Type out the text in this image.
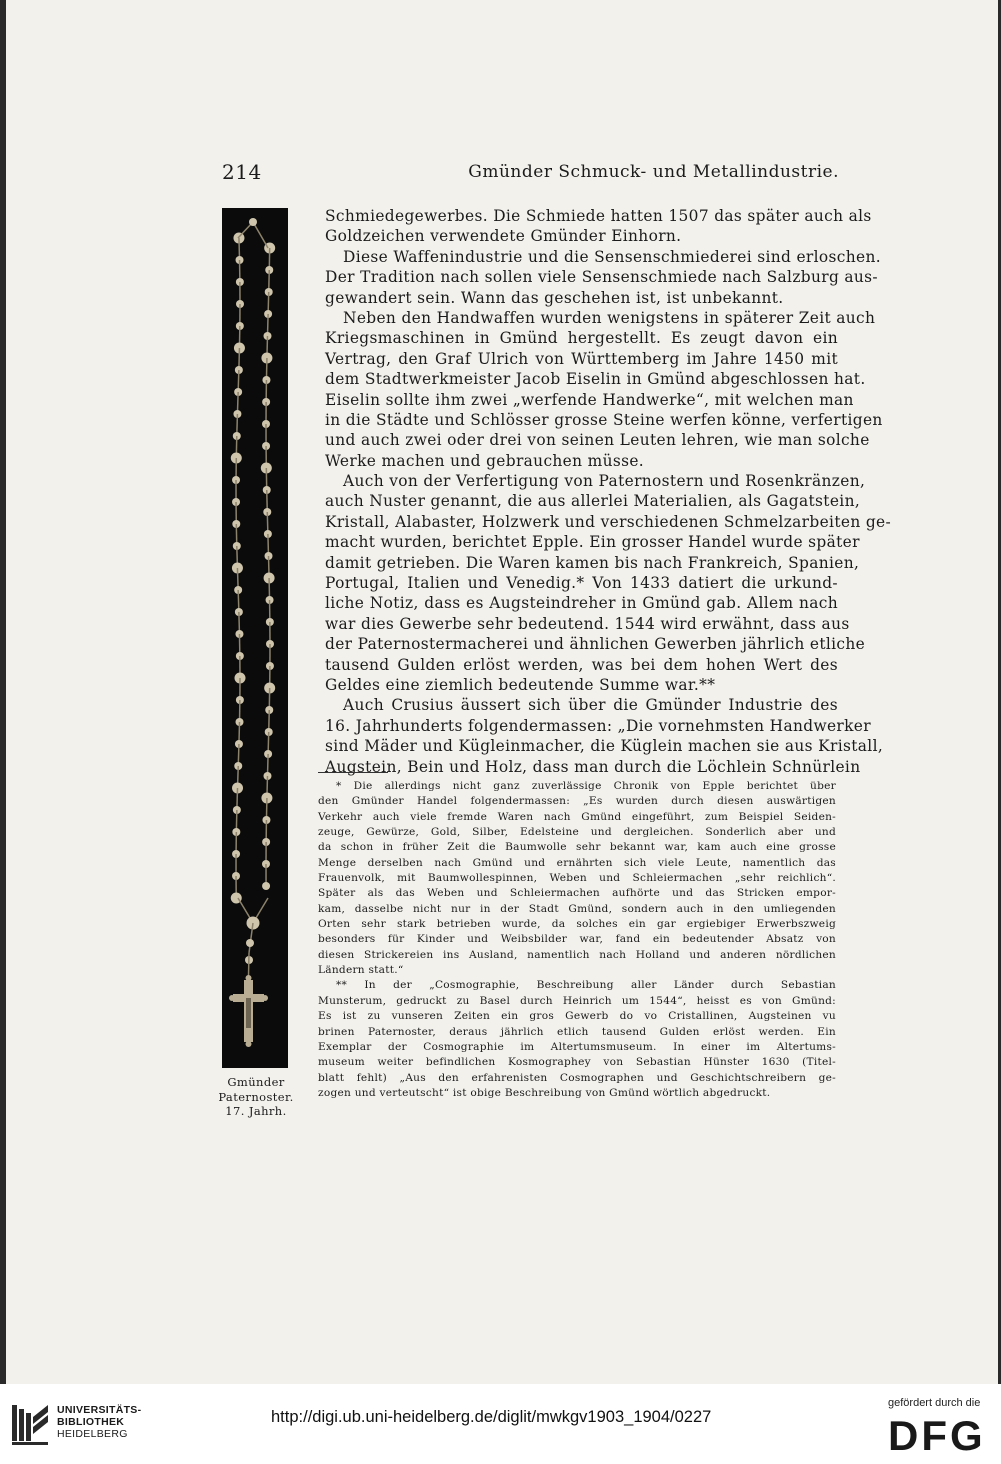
214	Gmünder Schmuck- und Metallindustrie.
Gmünder
Paternoster.
17. Jahrh.
Schmiedegewerbes. Die Schmiede hatten 1507 das später auch als
Goldzeichen verwendete Gmünder Einhorn.
Diese Waffenindustrie und die Sensenschmiederei sind erloschen.
Der Tradition nach sollen viele Sensenschmiede nach Salzburg aus-
gewandert sein. Wann das geschehen ist, ist unbekannt.
Neben den Handwaffen wurden wenigstens in späterer Zeit auch
Kriegsmaschinen in Gmünd hergestellt. Es zeugt davon ein
Vertrag, den Graf Ulrich von Württemberg im Jahre 1450 mit
dem Stadtwerkmeister Jacob Eiselin in Gmünd abgeschlossen hat.
Eiselin sollte ihm zwei „werfende Handwerke“, mit welchen man
in die Städte und Schlösser grosse Steine werfen könne, verfertigen
und auch zwei oder drei von seinen Leuten lehren, wie man solche
Werke machen und gebrauchen müsse.
Auch von der Verfertigung von Paternostern und Rosenkränzen,
auch Nuster genannt, die aus allerlei Materialien, als Gagatstein,
Kristall, Alabaster, Holzwerk und verschiedenen Schmelzarbeiten ge-
macht wurden, berichtet Epple. Ein grosser Handel wurde später
damit getrieben. Die Waren kamen bis nach Frankreich, Spanien,
Portugal, Italien und Venedig.* Von 1433 datiert die urkund-
liche Notiz, dass es Augsteindreher in Gmünd gab. Allem nach
war dies Gewerbe sehr bedeutend. 1544 wird erwähnt, dass aus
der Paternostermacherei und ähnlichen Gewerben jährlich etliche
tausend Gulden erlöst werden, was bei dem hohen Wert des
Geldes eine ziemlich bedeutende Summe war.**
Auch Crusius äussert sich über die Gmünder Industrie des
16. Jahrhunderts folgendermassen: „Die vornehmsten Handwerker
sind Mäder und Kügleinmacher, die Küglein machen sie aus Kristall,
Augstein, Bein und Holz, dass man durch die Löchlein Schnürlein
* Die allerdings nicht ganz zuverlässige Chronik von Epple berichtet über
den Gmünder Handel folgendermassen: „Es wurden durch diesen auswärtigen
Verkehr auch viele fremde Waren nach Gmünd eingeführt, zum Beispiel Seiden-
zeuge, Gewürze, Gold, Silber, Edelsteine und dergleichen. Sonderlich aber und
da schon in früher Zeit die Baumwolle sehr bekannt war, kam auch eine grosse
Menge derselben nach Gmünd und ernährten sich viele Leute, namentlich das
Frauenvolk, mit Baumwollespinnen, Weben und Schleiermachen „sehr reichlich“.
Später als das Weben und Schleiermachen aufhörte und das Stricken empor-
kam, dasselbe nicht nur in der Stadt Gmünd, sondern auch in den umliegenden
Orten sehr stark betrieben wurde, da solches ein gar ergiebiger Erwerbszweig
besonders für Kinder und Weibsbilder war, fand ein bedeutender Absatz von
diesen Strickereien ins Ausland, namentlich nach Holland und anderen nördlichen
Ländern statt.“
** In der „Cosmographie, Beschreibung aller Länder durch Sebastian
Munsterum, gedruckt zu Basel durch Heinrich um 1544“, heisst es von Gmünd:
Es ist zu vunseren Zeiten ein gros Gewerb do vo Cristallinen, Augsteinen vu
brinen Paternoster, deraus jährlich etlich tausend Gulden erlöst werden. Ein
Exemplar der Cosmographie im Altertumsmuseum. In einer im Altertums-
museum weiter befindlichen Kosmographey von Sebastian Hünster 1630 (Titel-
blatt fehlt) „Aus den erfahrenisten Cosmographen und Geschichtschreibern ge-
zogen und verteutscht“ ist obige Beschreibung von Gmünd wörtlich abgedruckt.
UNIVERSITÄTS-
BIBLIOTHEK
HEIDELBERG
http://digi.ub.uni-heidelberg.de/diglit/mwkgv1903_1904/0227
gefördert durch die
DFG
